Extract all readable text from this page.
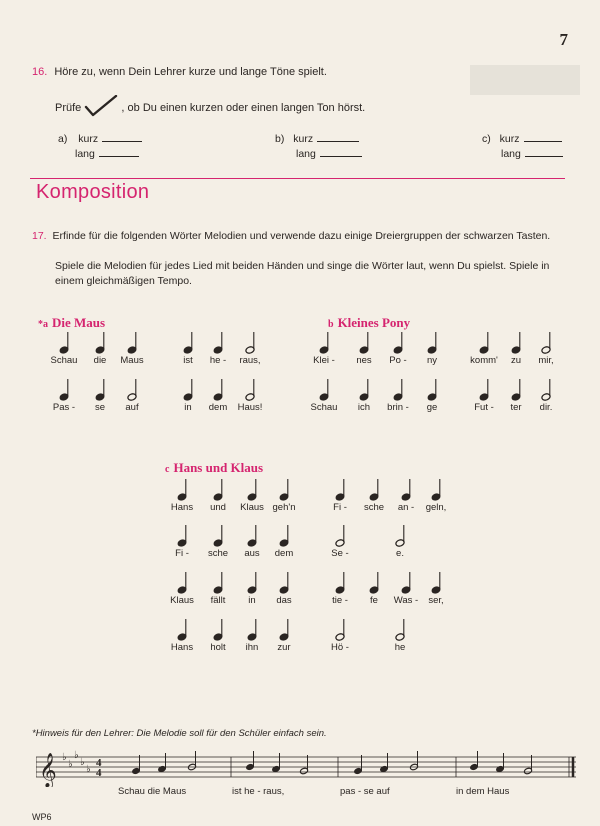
7
16. Höre zu, wenn Dein Lehrer kurze und lange Töne spielt.
Prüfe	, ob Du einen kurzen oder einen langen Ton hörst.
a) kurz
lang
b) kurz
lang
c) kurz
lang
Komposition
17. Erfinde für die folgenden Wörter Melodien und verwende dazu einige Dreiergruppen der schwarzen Tasten.
Spiele die Melodien für jedes Lied mit beiden Händen und singe die Wörter laut, wenn Du spielst. Spiele in einem gleichmäßigen Tempo.
*a Die Maus	b Kleines Pony
c Hans und Klaus
Schau die Maus	ist he - raus,
Pas - se auf	in dem Haus!
Klei - nes Po - ny	komm' zu mir,
Schau ich brin - ge	Fut - ter dir.
Hans und Klaus geh'n	Fi - sche an - geln,
Fi - sche aus dem	Se -	e.
Klaus fällt in das	tie - fe Was - ser,
Hans holt ihn zur	Hö -	he
*Hinweis für den Lehrer: Die Melodie soll für den Schüler einfach sein.
𝄞 ♭
♭
♭
♭
♭
4
4
Schau die Maus	ist he - raus,	pas - se auf	in dem Haus
WP6
